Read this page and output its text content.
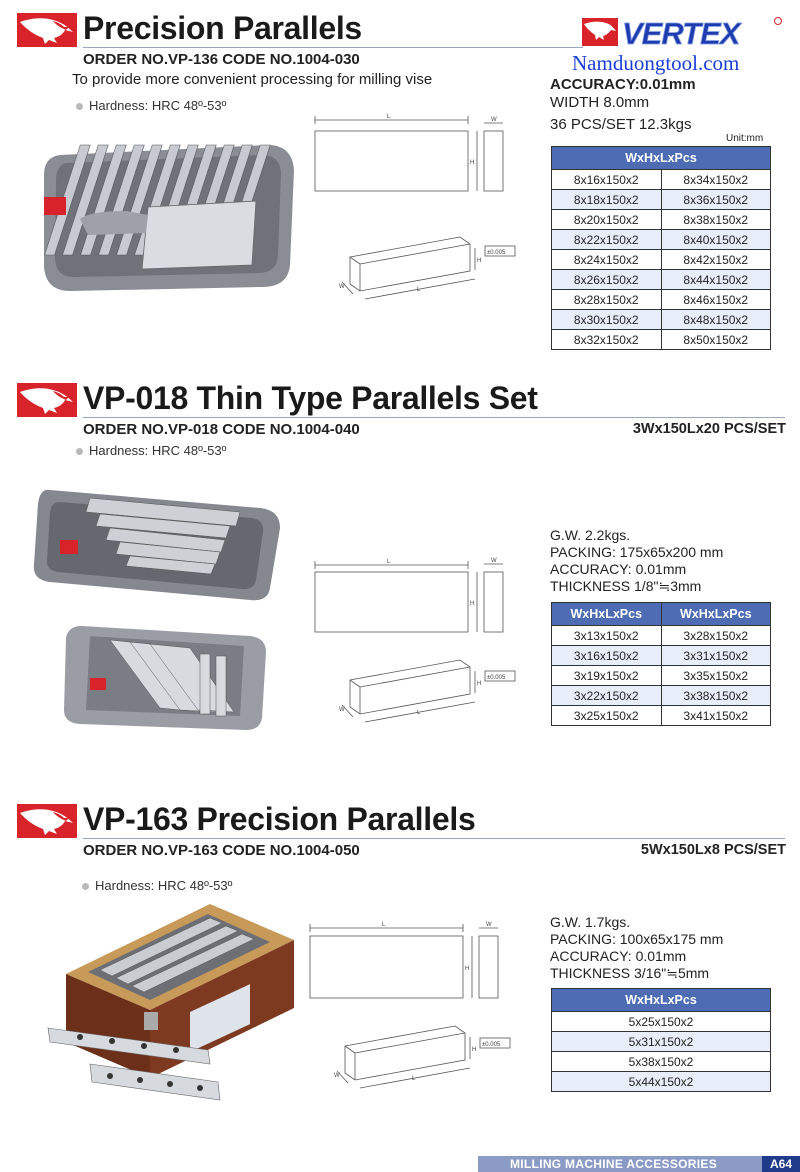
Precision Parallels	VERTEX
Namduongtool.com
ORDER NO.VP-136 CODE NO.1004-030
To provide more convenient processing for milling vise
Hardness: HRC 48º-53º
ACCURACY:0.01mm
WIDTH 8.0mm
36 PCS/SET 12.3kgs
Unit:mm
WxHxLxPcs	
8x16x150x2	8x34x150x2
8x18x150x2	8x36x150x2
8x20x150x2	8x38x150x2
8x22x150x2	8x40x150x2
8x24x150x2	8x42x150x2
8x26x150x2	8x44x150x2
8x28x150x2	8x46x150x2
8x30x150x2	8x48x150x2
8x32x150x2	8x50x150x2
L
H
W
L
W
H
±0.005
VP-018 Thin Type Parallels Set
ORDER NO.VP-018 CODE NO.1004-040	3Wx150Lx20 PCS/SET
Hardness: HRC 48º-53º
G.W. 2.2kgs.
PACKING: 175x65x200 mm
ACCURACY: 0.01mm
THICKNESS 1/8"≒3mm
WxHxLxPcs	WxHxLxPcs
3x13x150x2	3x28x150x2
3x16x150x2	3x31x150x2
3x19x150x2	3x35x150x2
3x22x150x2	3x38x150x2
3x25x150x2	3x41x150x2
L
H
W
L
W
H
±0.005
VP-163 Precision Parallels
ORDER NO.VP-163 CODE NO.1004-050	5Wx150Lx8 PCS/SET
Hardness: HRC 48º-53º
G.W. 1.7kgs.
PACKING: 100x65x175 mm
ACCURACY: 0.01mm
THICKNESS 3/16"≒5mm
WxHxLxPcs
5x25x150x2
5x31x150x2
5x38x150x2
5x44x150x2
L
H
W
L
W
H
±0.005
MILLING MACHINE ACCESSORIES	A64
